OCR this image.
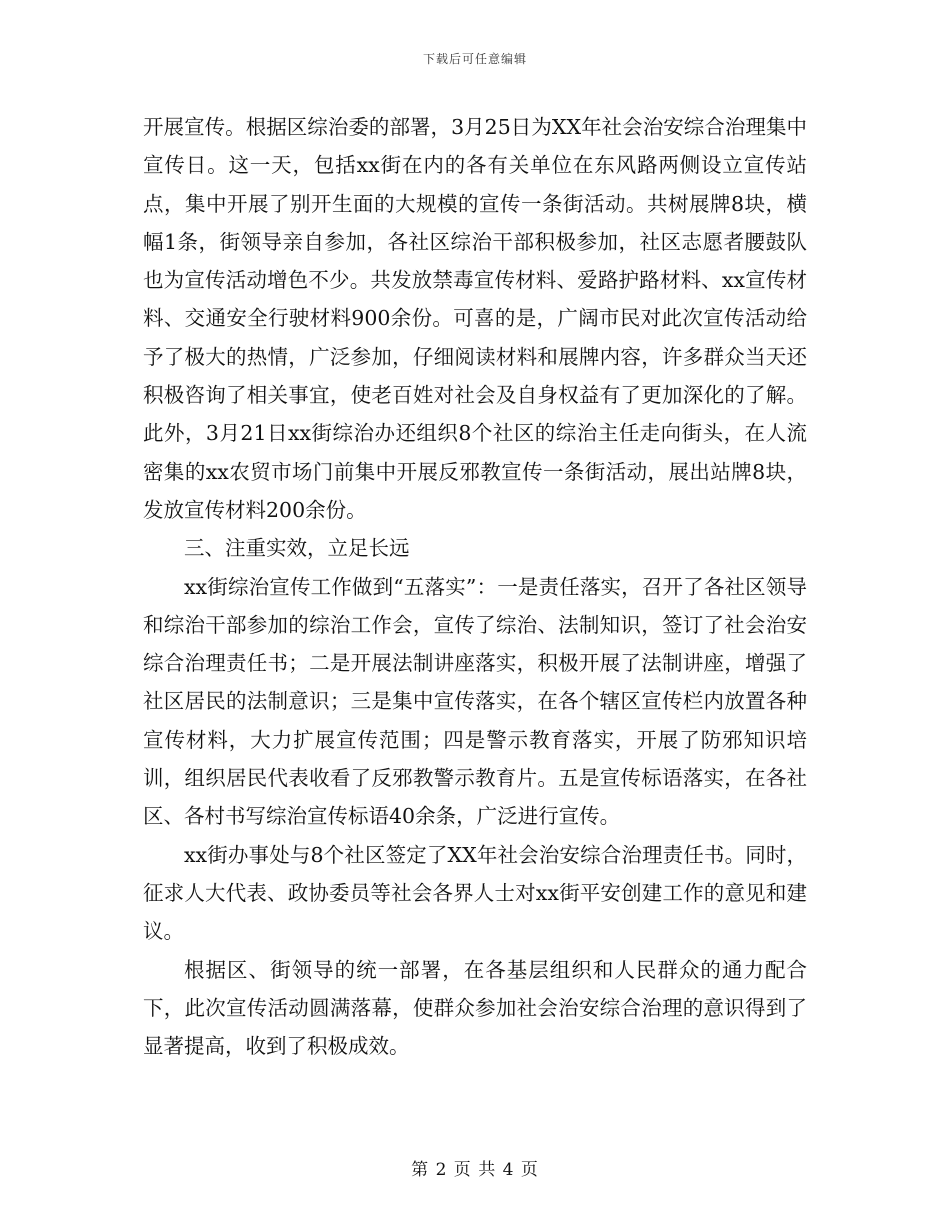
下载后可任意编辑

开展宣传。根据区综治委的部署，3月25日为XX年社会治安综合治理集中宣传日。这一天，包括xx街在内的各有关单位在东风路两侧设立宣传站点，集中开展了别开生面的大规模的宣传一条街活动。共树展牌8块，横幅1条，街领导亲自参加，各社区综治干部积极参加，社区志愿者腰鼓队也为宣传活动增色不少。共发放禁毒宣传材料、爱路护路材料、xx宣传材料、交通安全行驶材料900余份。可喜的是，广阔市民对此次宣传活动给予了极大的热情，广泛参加，仔细阅读材料和展牌内容，许多群众当天还积极咨询了相关事宜，使老百姓对社会及自身权益有了更加深化的了解。此外，3月21日xx街综治办还组织8个社区的综治主任走向街头，在人流密集的xx农贸市场门前集中开展反邪教宣传一条街活动，展出站牌8块，发放宣传材料200余份。

三、注重实效，立足长远

xx街综治宣传工作做到“五落实”：一是责任落实，召开了各社区领导和综治干部参加的综治工作会，宣传了综治、法制知识，签订了社会治安综合治理责任书；二是开展法制讲座落实，积极开展了法制讲座，增强了社区居民的法制意识；三是集中宣传落实，在各个辖区宣传栏内放置各种宣传材料，大力扩展宣传范围；四是警示教育落实，开展了防邪知识培训，组织居民代表收看了反邪教警示教育片。五是宣传标语落实，在各社区、各村书写综治宣传标语40余条，广泛进行宣传。

xx街办事处与8个社区签定了XX年社会治安综合治理责任书。同时，征求人大代表、政协委员等社会各界人士对xx街平安创建工作的意见和建议。

根据区、街领导的统一部署，在各基层组织和人民群众的通力配合下，此次宣传活动圆满落幕，使群众参加社会治安综合治理的意识得到了显著提高，收到了积极成效。

第 2 页 共 4 页
